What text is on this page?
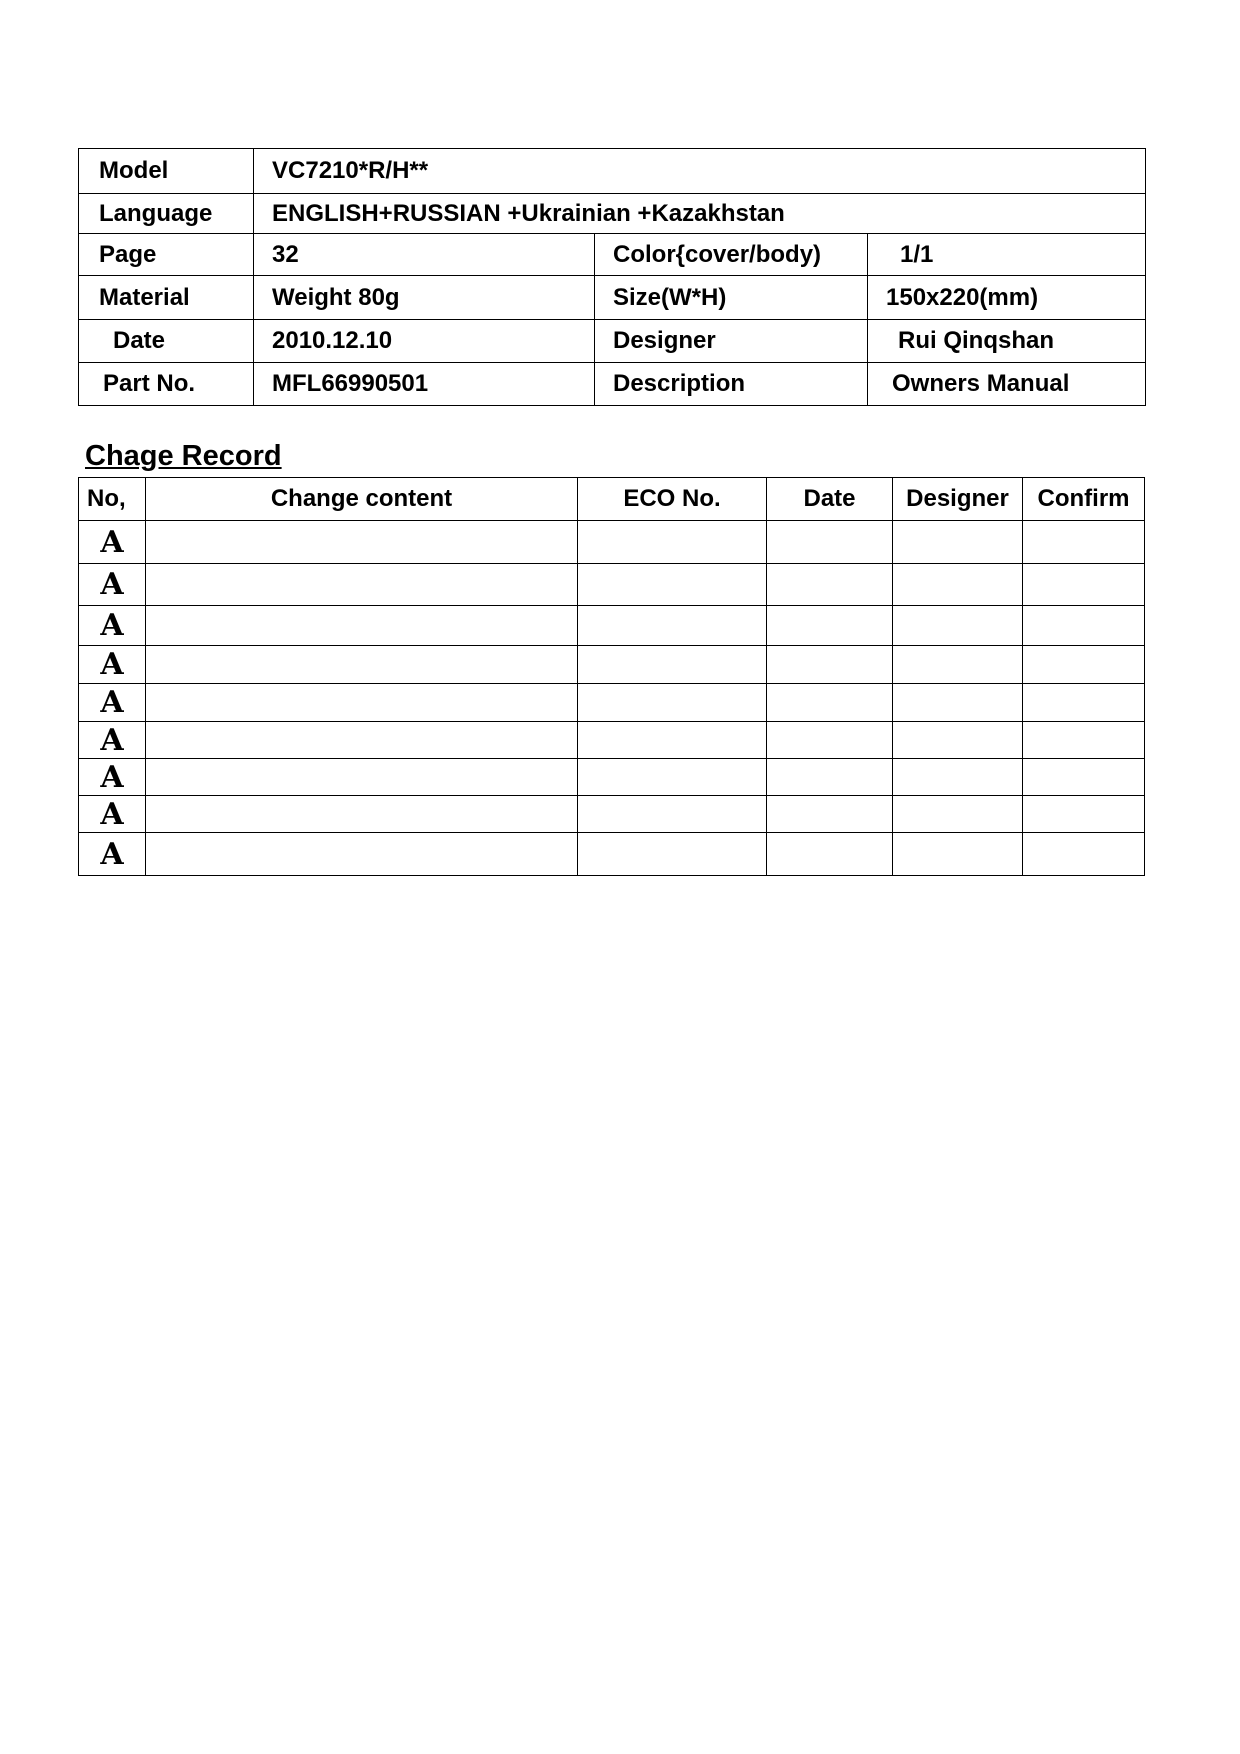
Model	VC7210*R/H**		
Language	ENGLISH+RUSSIAN +Ukrainian +Kazakhstan		
Page	32	Color{cover/body)	1/1
Material	Weight 80g	Size(W*H)	150x220(mm)
Date	2010.12.10	Designer	Rui Qinqshan
Part No.	MFL66990501	Description	Owners Manual
Chage Record
No,	Change content	ECO No.	Date	Designer	Confirm
A					
A					
A					
A					
A					
A					
A					
A					
A					
